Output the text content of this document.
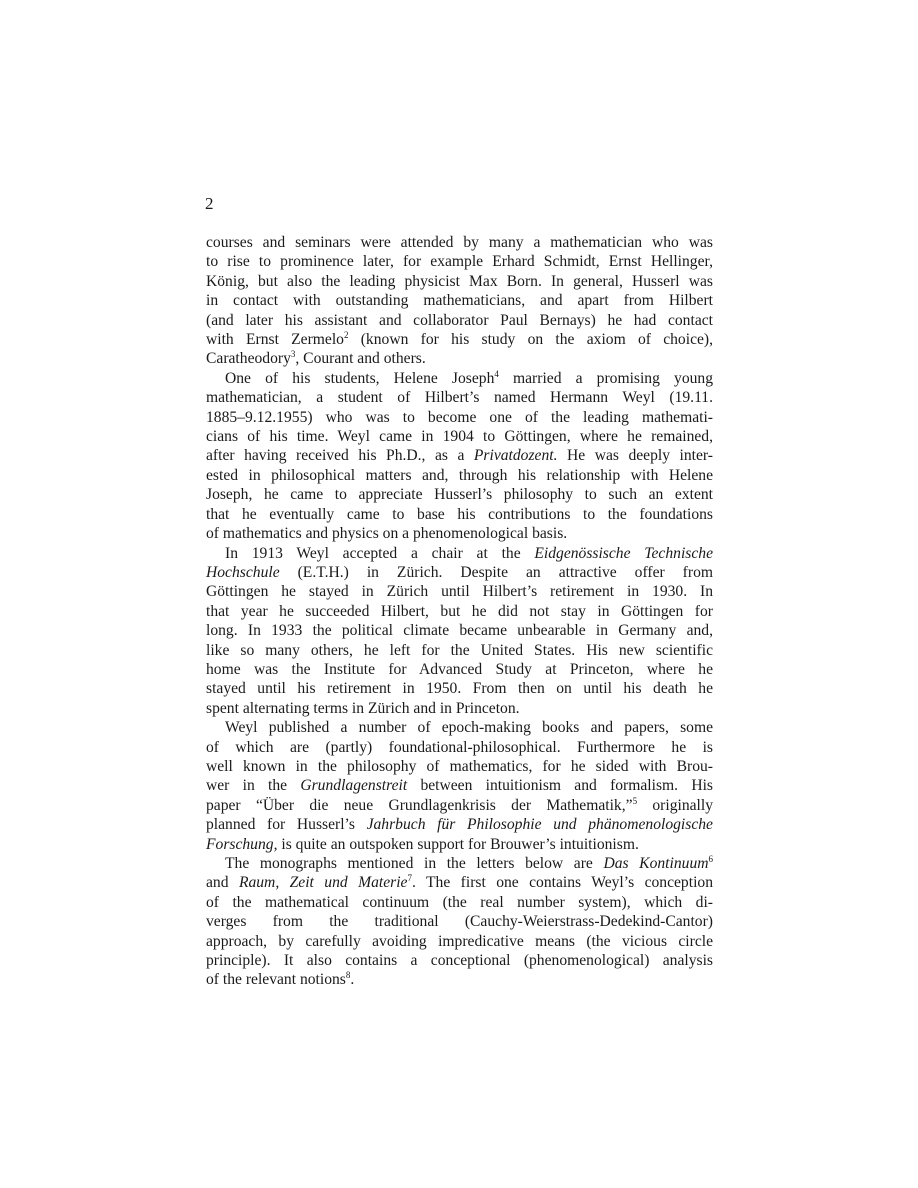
2
courses and seminars were attended by many a mathematician who was
to rise to prominence later, for example Erhard Schmidt, Ernst Hellinger,
König, but also the leading physicist Max Born. In general, Husserl was
in contact with outstanding mathematicians, and apart from Hilbert
(and later his assistant and collaborator Paul Bernays) he had contact
with Ernst Zermelo$^2$ (known for his study on the axiom of choice),
Caratheodory$^3$, Courant and others.
One of his students, Helene Joseph$^4$ married a promising young
mathematician, a student of Hilbert’s named Hermann Weyl (19.11.
1885–9.12.1955) who was to become one of the leading mathemati-
cians of his time. Weyl came in 1904 to Göttingen, where he remained,
after having received his Ph.D., as a Privatdozent. He was deeply inter-
ested in philosophical matters and, through his relationship with Helene
Joseph, he came to appreciate Husserl’s philosophy to such an extent
that he eventually came to base his contributions to the foundations
of mathematics and physics on a phenomenological basis.
In 1913 Weyl accepted a chair at the Eidgenössische Technische
Hochschule (E.T.H.) in Zürich. Despite an attractive offer from
Göttingen he stayed in Zürich until Hilbert’s retirement in 1930. In
that year he succeeded Hilbert, but he did not stay in Göttingen for
long. In 1933 the political climate became unbearable in Germany and,
like so many others, he left for the United States. His new scientific
home was the Institute for Advanced Study at Princeton, where he
stayed until his retirement in 1950. From then on until his death he
spent alternating terms in Zürich and in Princeton.
Weyl published a number of epoch-making books and papers, some
of which are (partly) foundational-philosophical. Furthermore he is
well known in the philosophy of mathematics, for he sided with Brou-
wer in the Grundlagenstreit between intuitionism and formalism. His
paper “Über die neue Grundlagenkrisis der Mathematik,”$^5$ originally
planned for Husserl’s Jahrbuch für Philosophie und phänomenologische
Forschung, is quite an outspoken support for Brouwer’s intuitionism.
The monographs mentioned in the letters below are Das Kontinuum$^6$
and Raum, Zeit und Materie$^7$. The first one contains Weyl’s conception
of the mathematical continuum (the real number system), which di-
verges from the traditional (Cauchy-Weierstrass-Dedekind-Cantor)
approach, by carefully avoiding impredicative means (the vicious circle
principle). It also contains a conceptional (phenomenological) analysis
of the relevant notions$^8$.
